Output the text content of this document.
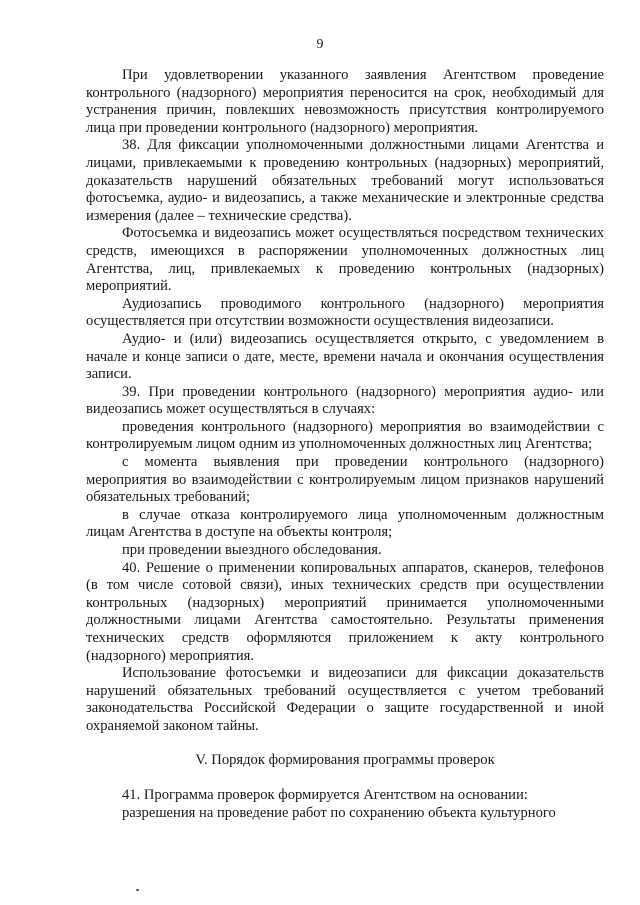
9

При удовлетворении указанного заявления Агентством проведение контрольного (надзорного) мероприятия переносится на срок, необходимый для устранения причин, повлекших невозможность присутствия контролируемого лица при проведении контрольного (надзорного) мероприятия.

38. Для фиксации уполномоченными должностными лицами Агентства и лицами, привлекаемыми к проведению контрольных (надзорных) мероприятий, доказательств нарушений обязательных требований могут использоваться фотосъемка, аудио- и видеозапись, а также механические и электронные средства измерения (далее – технические средства).

Фотосъемка и видеозапись может осуществляться посредством технических средств, имеющихся в распоряжении уполномоченных должностных лиц Агентства, лиц, привлекаемых к проведению контрольных (надзорных) мероприятий.

Аудиозапись проводимого контрольного (надзорного) мероприятия осуществляется при отсутствии возможности осуществления видеозаписи.

Аудио- и (или) видеозапись осуществляется открыто, с уведомлением в начале и конце записи о дате, месте, времени начала и окончания осуществления записи.

39. При проведении контрольного (надзорного) мероприятия аудио- или видеозапись может осуществляться в случаях:

проведения контрольного (надзорного) мероприятия во взаимодействии с контролируемым лицом одним из уполномоченных должностных лиц Агентства;

с момента выявления при проведении контрольного (надзорного) мероприятия во взаимодействии с контролируемым лицом признаков нарушений обязательных требований;

в случае отказа контролируемого лица уполномоченным должностным лицам Агентства в доступе на объекты контроля;

при проведении выездного обследования.

40. Решение о применении копировальных аппаратов, сканеров, телефонов (в том числе сотовой связи), иных технических средств при осуществлении контрольных (надзорных) мероприятий принимается уполномоченными должностными лицами Агентства самостоятельно. Результаты применения технических средств оформляются приложением к акту контрольного (надзорного) мероприятия.

Использование фотосъемки и видеозаписи для фиксации доказательств нарушений обязательных требований осуществляется с учетом требований законодательства Российской Федерации о защите государственной и иной охраняемой законом тайны.

V. Порядок формирования программы проверок

41. Программа проверок формируется Агентством на основании:

разрешения на проведение работ по сохранению объекта культурного
